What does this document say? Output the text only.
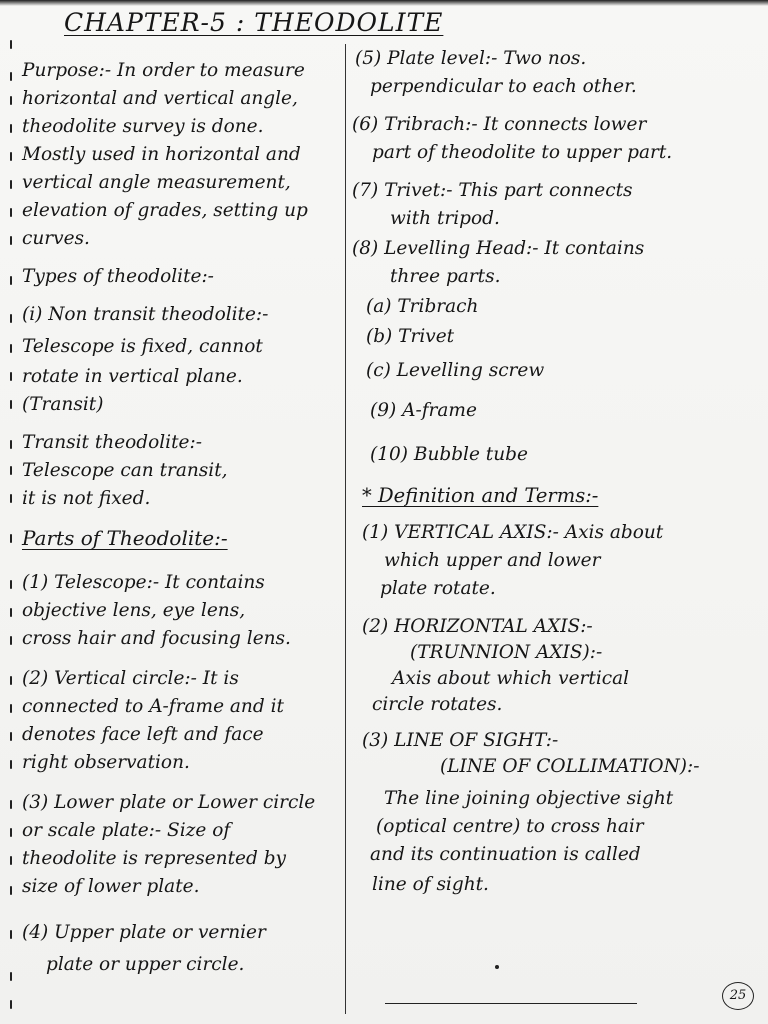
CHAPTER-5 : THEODOLITE
Purpose:- In order to measure
horizontal and vertical angle,
theodolite survey is done.
Mostly used in horizontal and
vertical angle measurement,
elevation of grades, setting up
curves.
Types of theodolite:-
(i) Non transit theodolite:-
Telescope is fixed, cannot
rotate in vertical plane.
(Transit)
Transit theodolite:-
Telescope can transit,
it is not fixed.
Parts of Theodolite:-
(1) Telescope:- It contains
objective lens, eye lens,
cross hair and focusing lens.
(2) Vertical circle:- It is
connected to A-frame and it
denotes face left and face
right observation.
(3) Lower plate or Lower circle
or scale plate:- Size of
theodolite is represented by
size of lower plate.
(4) Upper plate or vernier
plate or upper circle.
(5) Plate level:- Two nos.
perpendicular to each other.
(6) Tribrach:- It connects lower
part of theodolite to upper part.
(7) Trivet:- This part connects
with tripod.
(8) Levelling Head:- It contains
three parts.
(a) Tribrach
(b) Trivet
(c) Levelling screw
(9) A-frame
(10) Bubble tube
* Definition and Terms:-
(1) VERTICAL AXIS:- Axis about
which upper and lower
plate rotate.
(2) HORIZONTAL AXIS:-
(TRUNNION AXIS):-
Axis about which vertical
circle rotates.
(3) LINE OF SIGHT:-
(LINE OF COLLIMATION):-
The line joining objective sight
(optical centre) to cross hair
and its continuation is called
line of sight.
25
